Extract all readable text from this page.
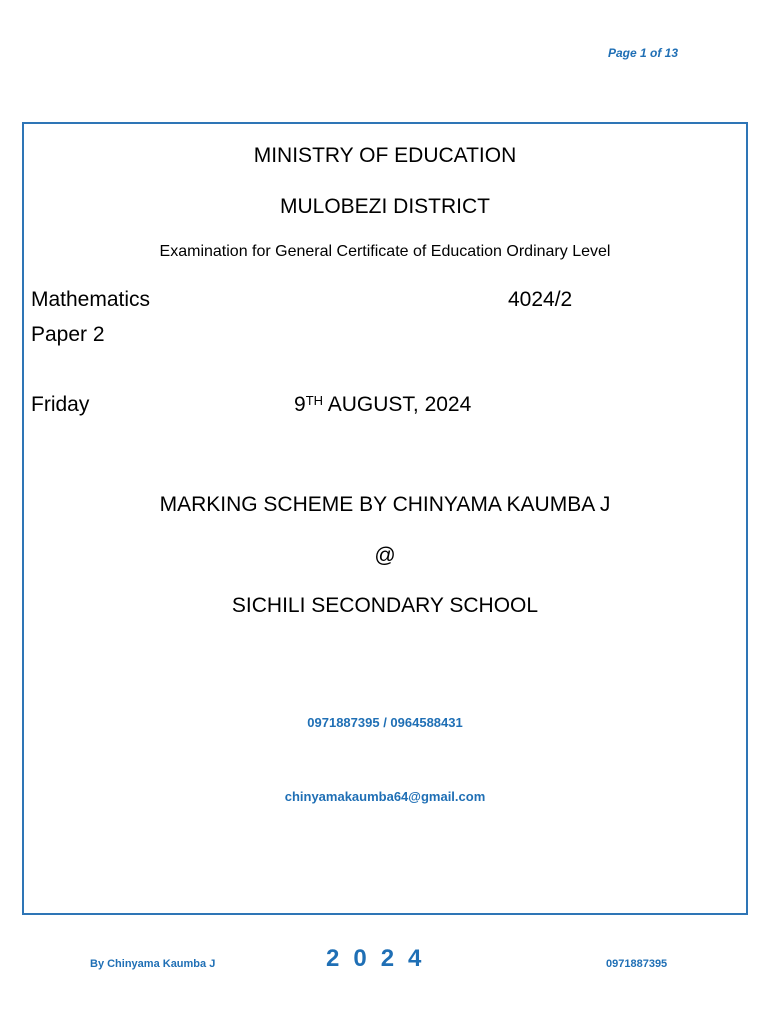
Page 1 of 13
MINISTRY OF EDUCATION
MULOBEZI DISTRICT
Examination for General Certificate of Education Ordinary Level
Mathematics	4024/2
Paper 2
Friday	9TH AUGUST, 2024
MARKING SCHEME BY CHINYAMA KAUMBA J
@
SICHILI SECONDARY SCHOOL
0971887395 / 0964588431
chinyamakaumba64@gmail.com
By Chinyama Kaumba J	2024	0971887395
